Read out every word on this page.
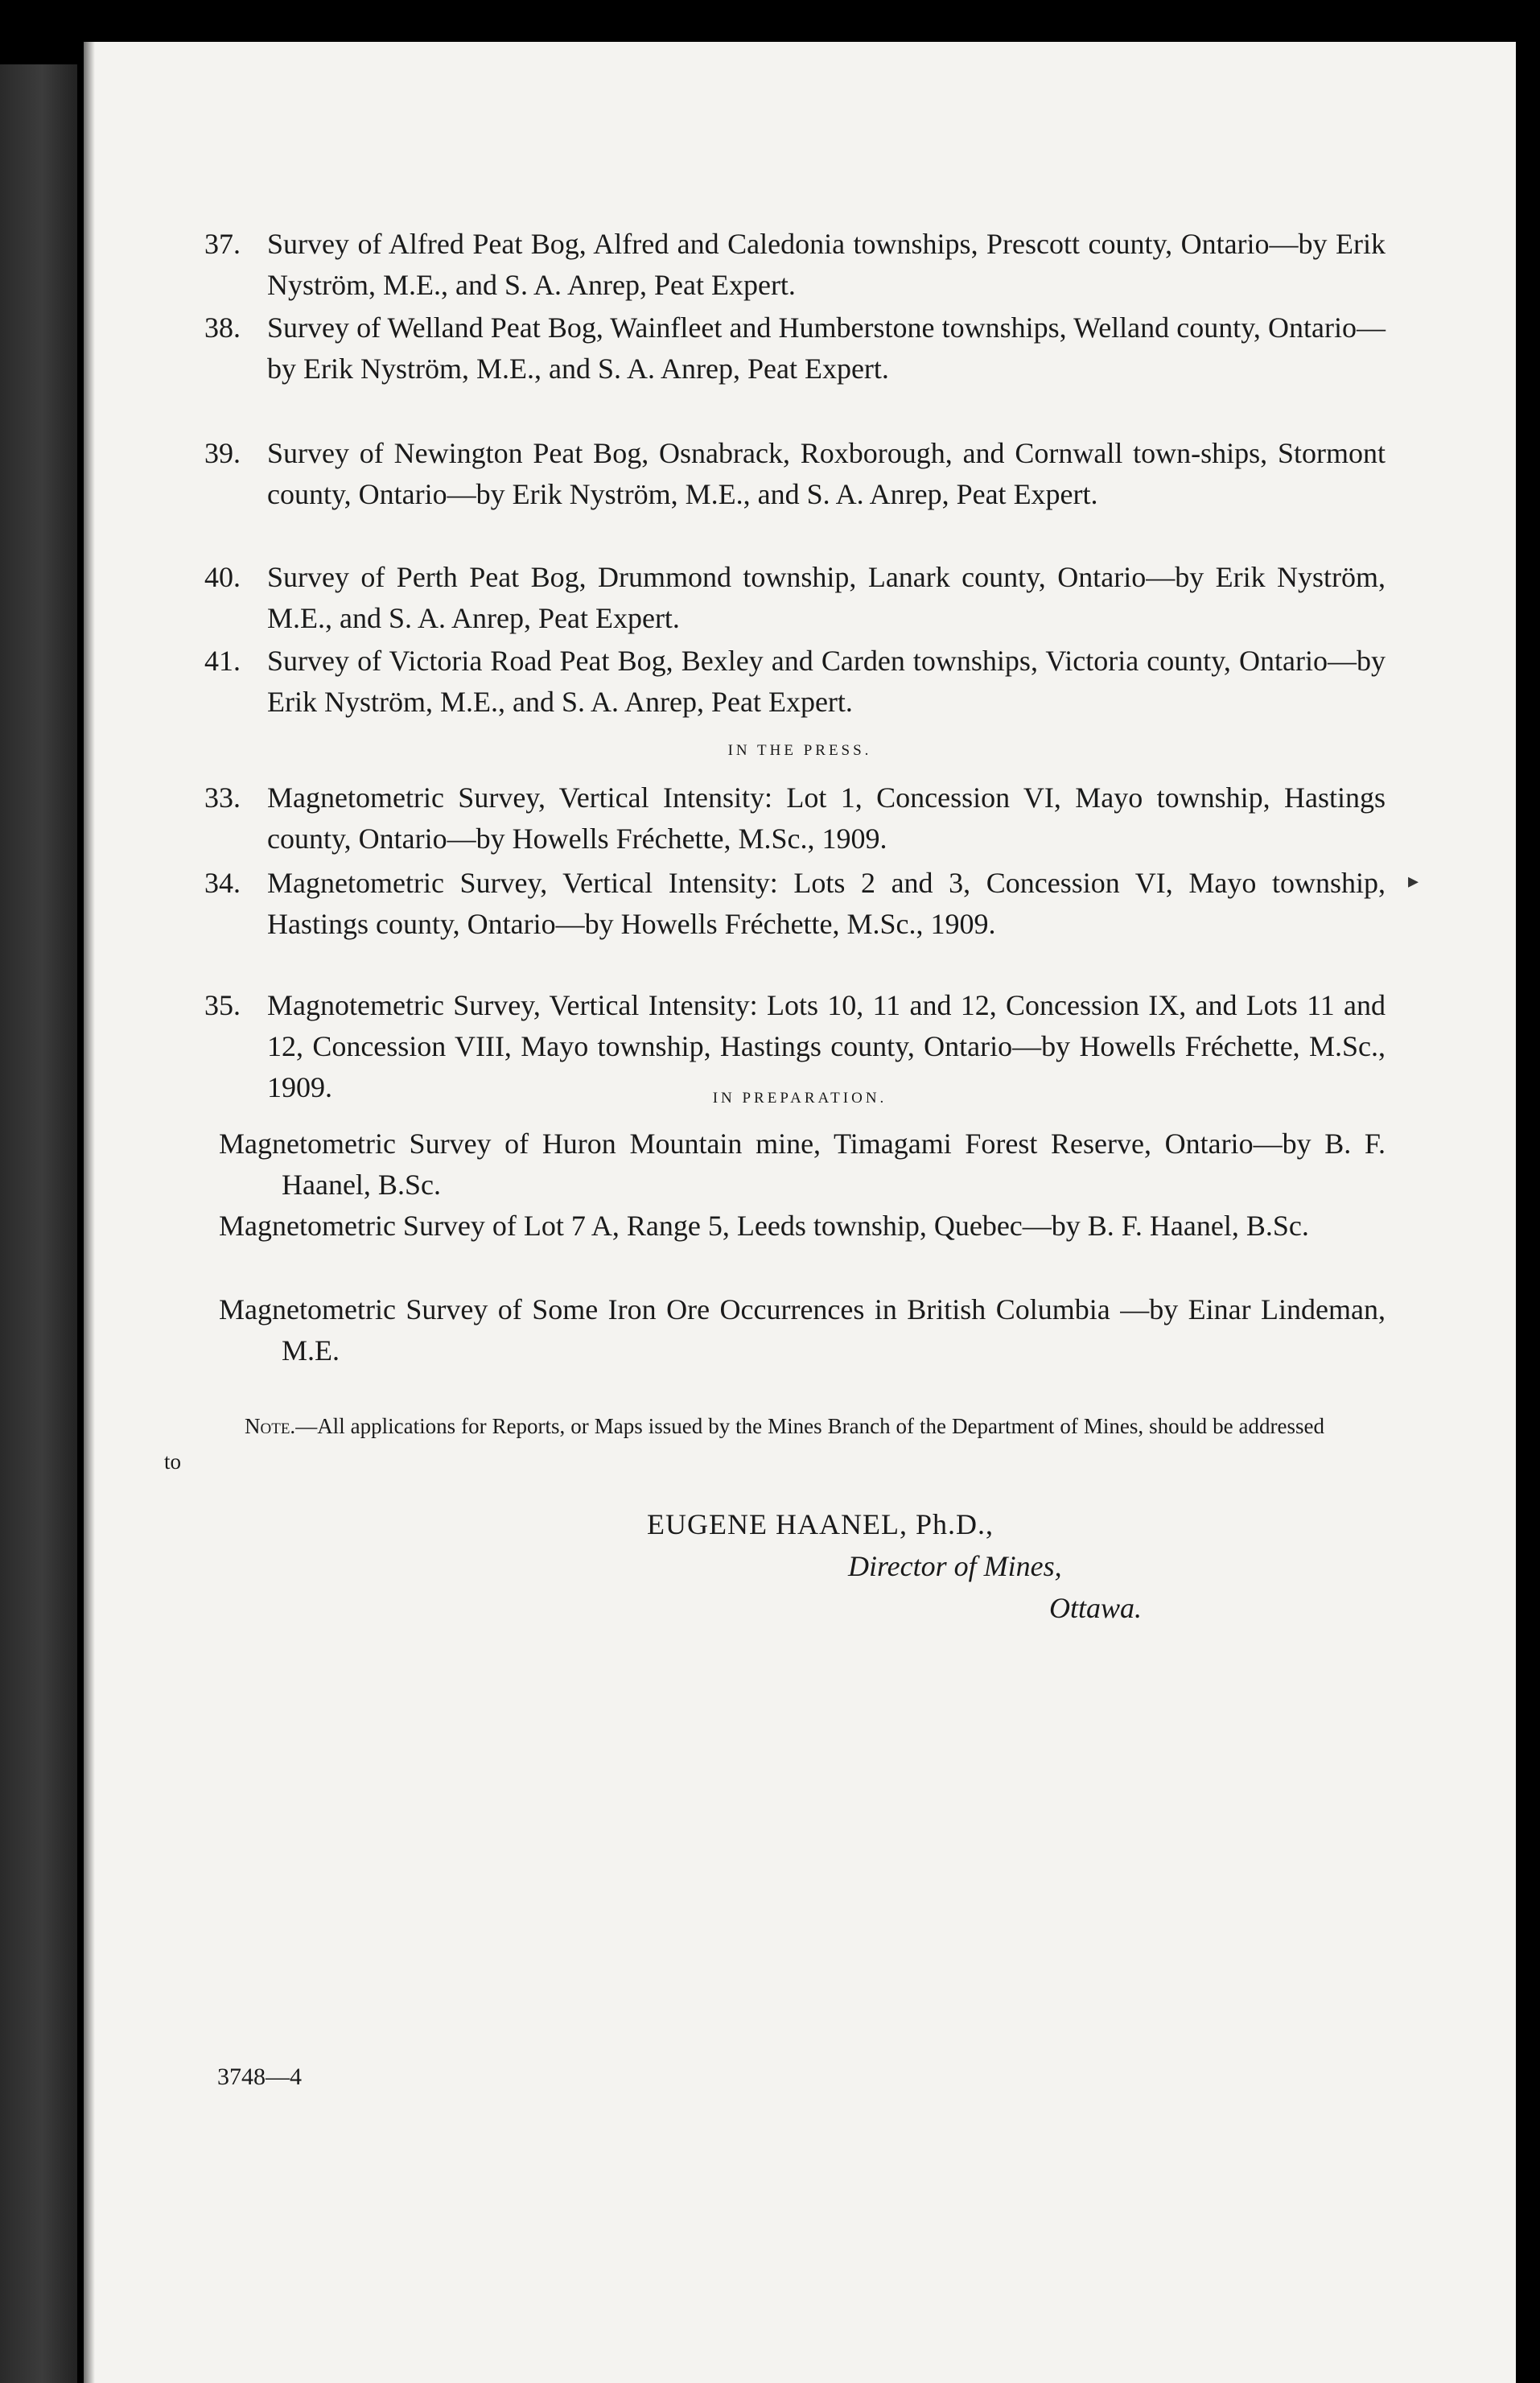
37. Survey of Alfred Peat Bog, Alfred and Caledonia townships, Prescott county, Ontario—by Erik Nyström, M.E., and S. A. Anrep, Peat Expert.
38. Survey of Welland Peat Bog, Wainfleet and Humberstone townships, Welland county, Ontario—by Erik Nyström, M.E., and S. A. Anrep, Peat Expert.
39. Survey of Newington Peat Bog, Osnabrack, Roxborough, and Cornwall town-ships, Stormont county, Ontario—by Erik Nyström, M.E., and S. A. Anrep, Peat Expert.
40. Survey of Perth Peat Bog, Drummond township, Lanark county, Ontario—by Erik Nyström, M.E., and S. A. Anrep, Peat Expert.
41. Survey of Victoria Road Peat Bog, Bexley and Carden townships, Victoria county, Ontario—by Erik Nyström, M.E., and S. A. Anrep, Peat Expert.
IN THE PRESS.
33. Magnetometric Survey, Vertical Intensity: Lot 1, Concession VI, Mayo township, Hastings county, Ontario—by Howells Fréchette, M.Sc., 1909.
34. Magnetometric Survey, Vertical Intensity: Lots 2 and 3, Concession VI, Mayo township, Hastings county, Ontario—by Howells Fréchette, M.Sc., 1909.
35. Magnotemetric Survey, Vertical Intensity: Lots 10, 11 and 12, Concession IX, and Lots 11 and 12, Concession VIII, Mayo township, Hastings county, Ontario—by Howells Fréchette, M.Sc., 1909.	IN PREPARATION.
Magnetometric Survey of Huron Mountain mine, Timagami Forest Reserve, Ontario—by B. F. Haanel, B.Sc.
Magnetometric Survey of Lot 7 A, Range 5, Leeds township, Quebec—by B. F. Haanel, B.Sc.
Magnetometric Survey of Some Iron Ore Occurrences in British Columbia —by Einar Lindeman, M.E.
Note.—All applications for Reports, or Maps issued by the Mines Branch of the Department of Mines, should be addressed to
EUGENE HAANEL, Ph.D.,
Director of Mines,
Ottawa.
▸
3748—4
